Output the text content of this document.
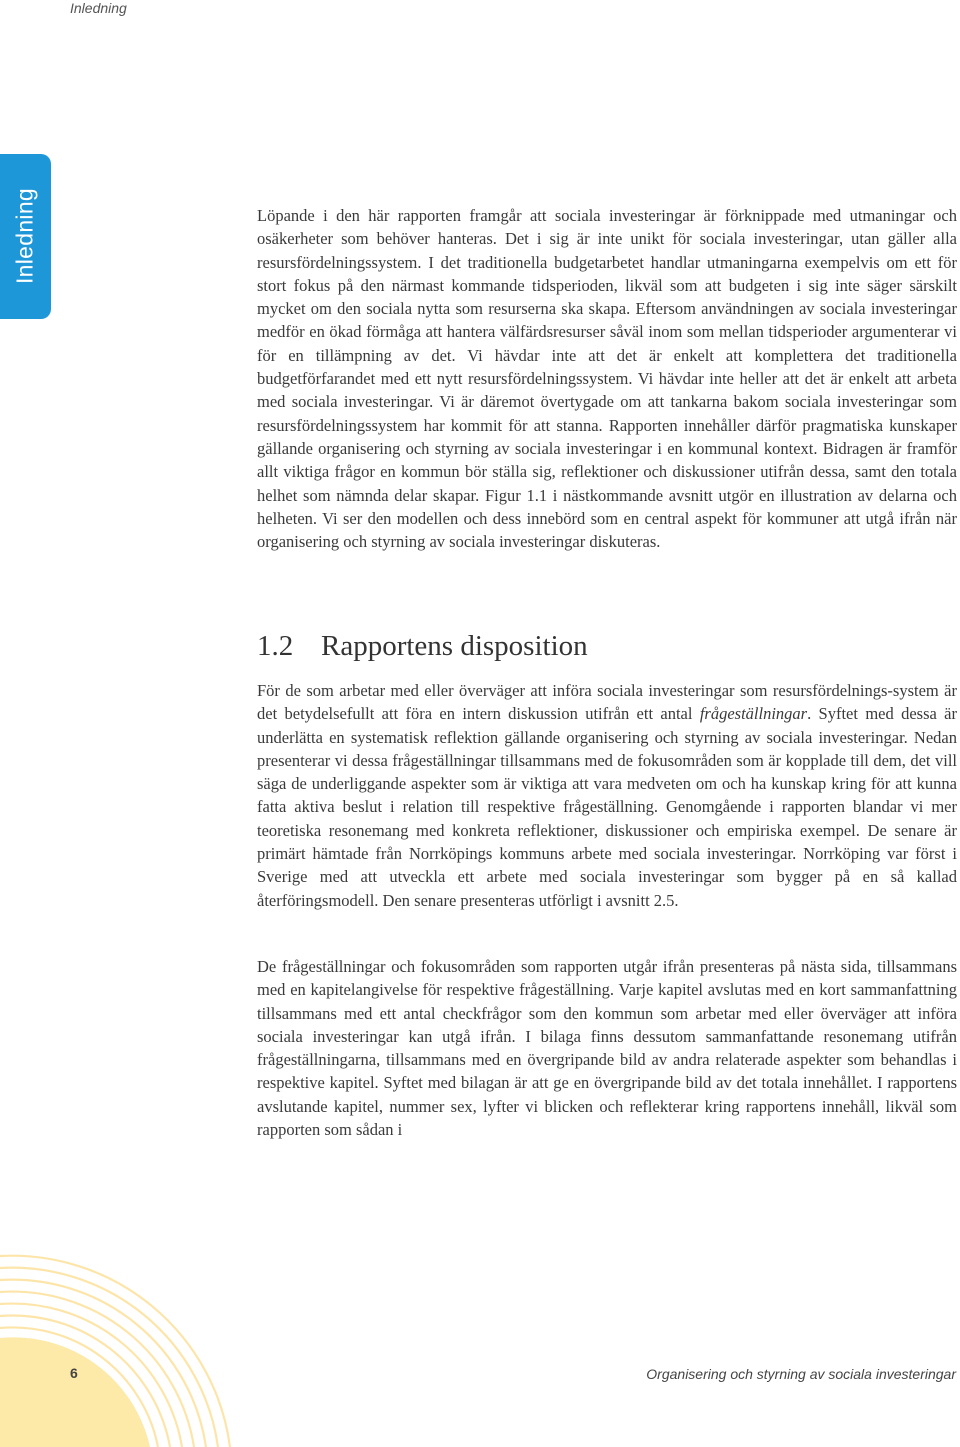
Inledning
Inledning	Löpande i den här rapporten framgår att sociala investeringar är förknippade med utmaningar och osäkerheter som behöver hanteras. Det i sig är inte unikt för sociala investeringar, utan gäller alla resursfördelningssystem. I det traditionella budgetarbetet handlar utmaningarna exempelvis om ett för stort fokus på den närmast kommande tidsperioden, likväl som att budgeten i sig inte säger särskilt mycket om den sociala nytta som resurserna ska skapa. Eftersom användningen av sociala investeringar medför en ökad förmåga att hantera välfärdsresurser såväl inom som mellan tidsperioder argumenterar vi för en tillämpning av det. Vi hävdar inte att det är enkelt att komplettera det traditionella budgetförfarandet med ett nytt resursfördelningssystem. Vi hävdar inte heller att det är enkelt att arbeta med sociala investeringar. Vi är däremot övertygade om att tankarna bakom sociala investeringar som resursfördelningssystem har kommit för att stanna. Rapporten innehåller därför pragmatiska kunskaper gällande organisering och styrning av sociala investeringar i en kommunal kontext. Bidragen är framför allt viktiga frågor en kommun bör ställa sig, reflektioner och diskussioner utifrån dessa, samt den totala helhet som nämnda delar skapar. Figur 1.1 i nästkommande avsnitt utgör en illustration av delarna och helheten. Vi ser den modellen och dess innebörd som en central aspekt för kommuner att utgå ifrån när organisering och styrning av sociala investeringar diskuteras.

1.2 Rapportens disposition

För de som arbetar med eller överväger att införa sociala investeringar som resursfördelnings-system är det betydelsefullt att föra en intern diskussion utifrån ett antal frågeställningar. Syftet med dessa är underlätta en systematisk reflektion gällande organisering och styrning av sociala investeringar. Nedan presenterar vi dessa frågeställningar tillsammans med de fokusområden som är kopplade till dem, det vill säga de underliggande aspekter som är viktiga att vara medveten om och ha kunskap kring för att kunna fatta aktiva beslut i relation till respektive frågeställning. Genomgående i rapporten blandar vi mer teoretiska resonemang med konkreta reflektioner, diskussioner och empiriska exempel. De senare är primärt hämtade från Norrköpings kommuns arbete med sociala investeringar. Norrköping var först i Sverige med att utveckla ett arbete med sociala investeringar som bygger på en så kallad återföringsmodell. Den senare presenteras utförligt i avsnitt 2.5.

De frågeställningar och fokusområden som rapporten utgår ifrån presenteras på nästa sida, tillsammans med en kapitelangivelse för respektive frågeställning. Varje kapitel avslutas med en kort sammanfattning tillsammans med ett antal checkfrågor som den kommun som arbetar med eller överväger att införa sociala investeringar kan utgå ifrån. I bilaga finns dessutom sammanfattande resonemang utifrån frågeställningarna, tillsammans med en övergripande bild av andra relaterade aspekter som behandlas i respektive kapitel. Syftet med bilagan är att ge en övergripande bild av det totala innehållet. I rapportens avslutande kapitel, nummer sex, lyfter vi blicken och reflekterar kring rapportens innehåll, likväl som rapporten som sådan i

6	Organisering och styrning av sociala investeringar
